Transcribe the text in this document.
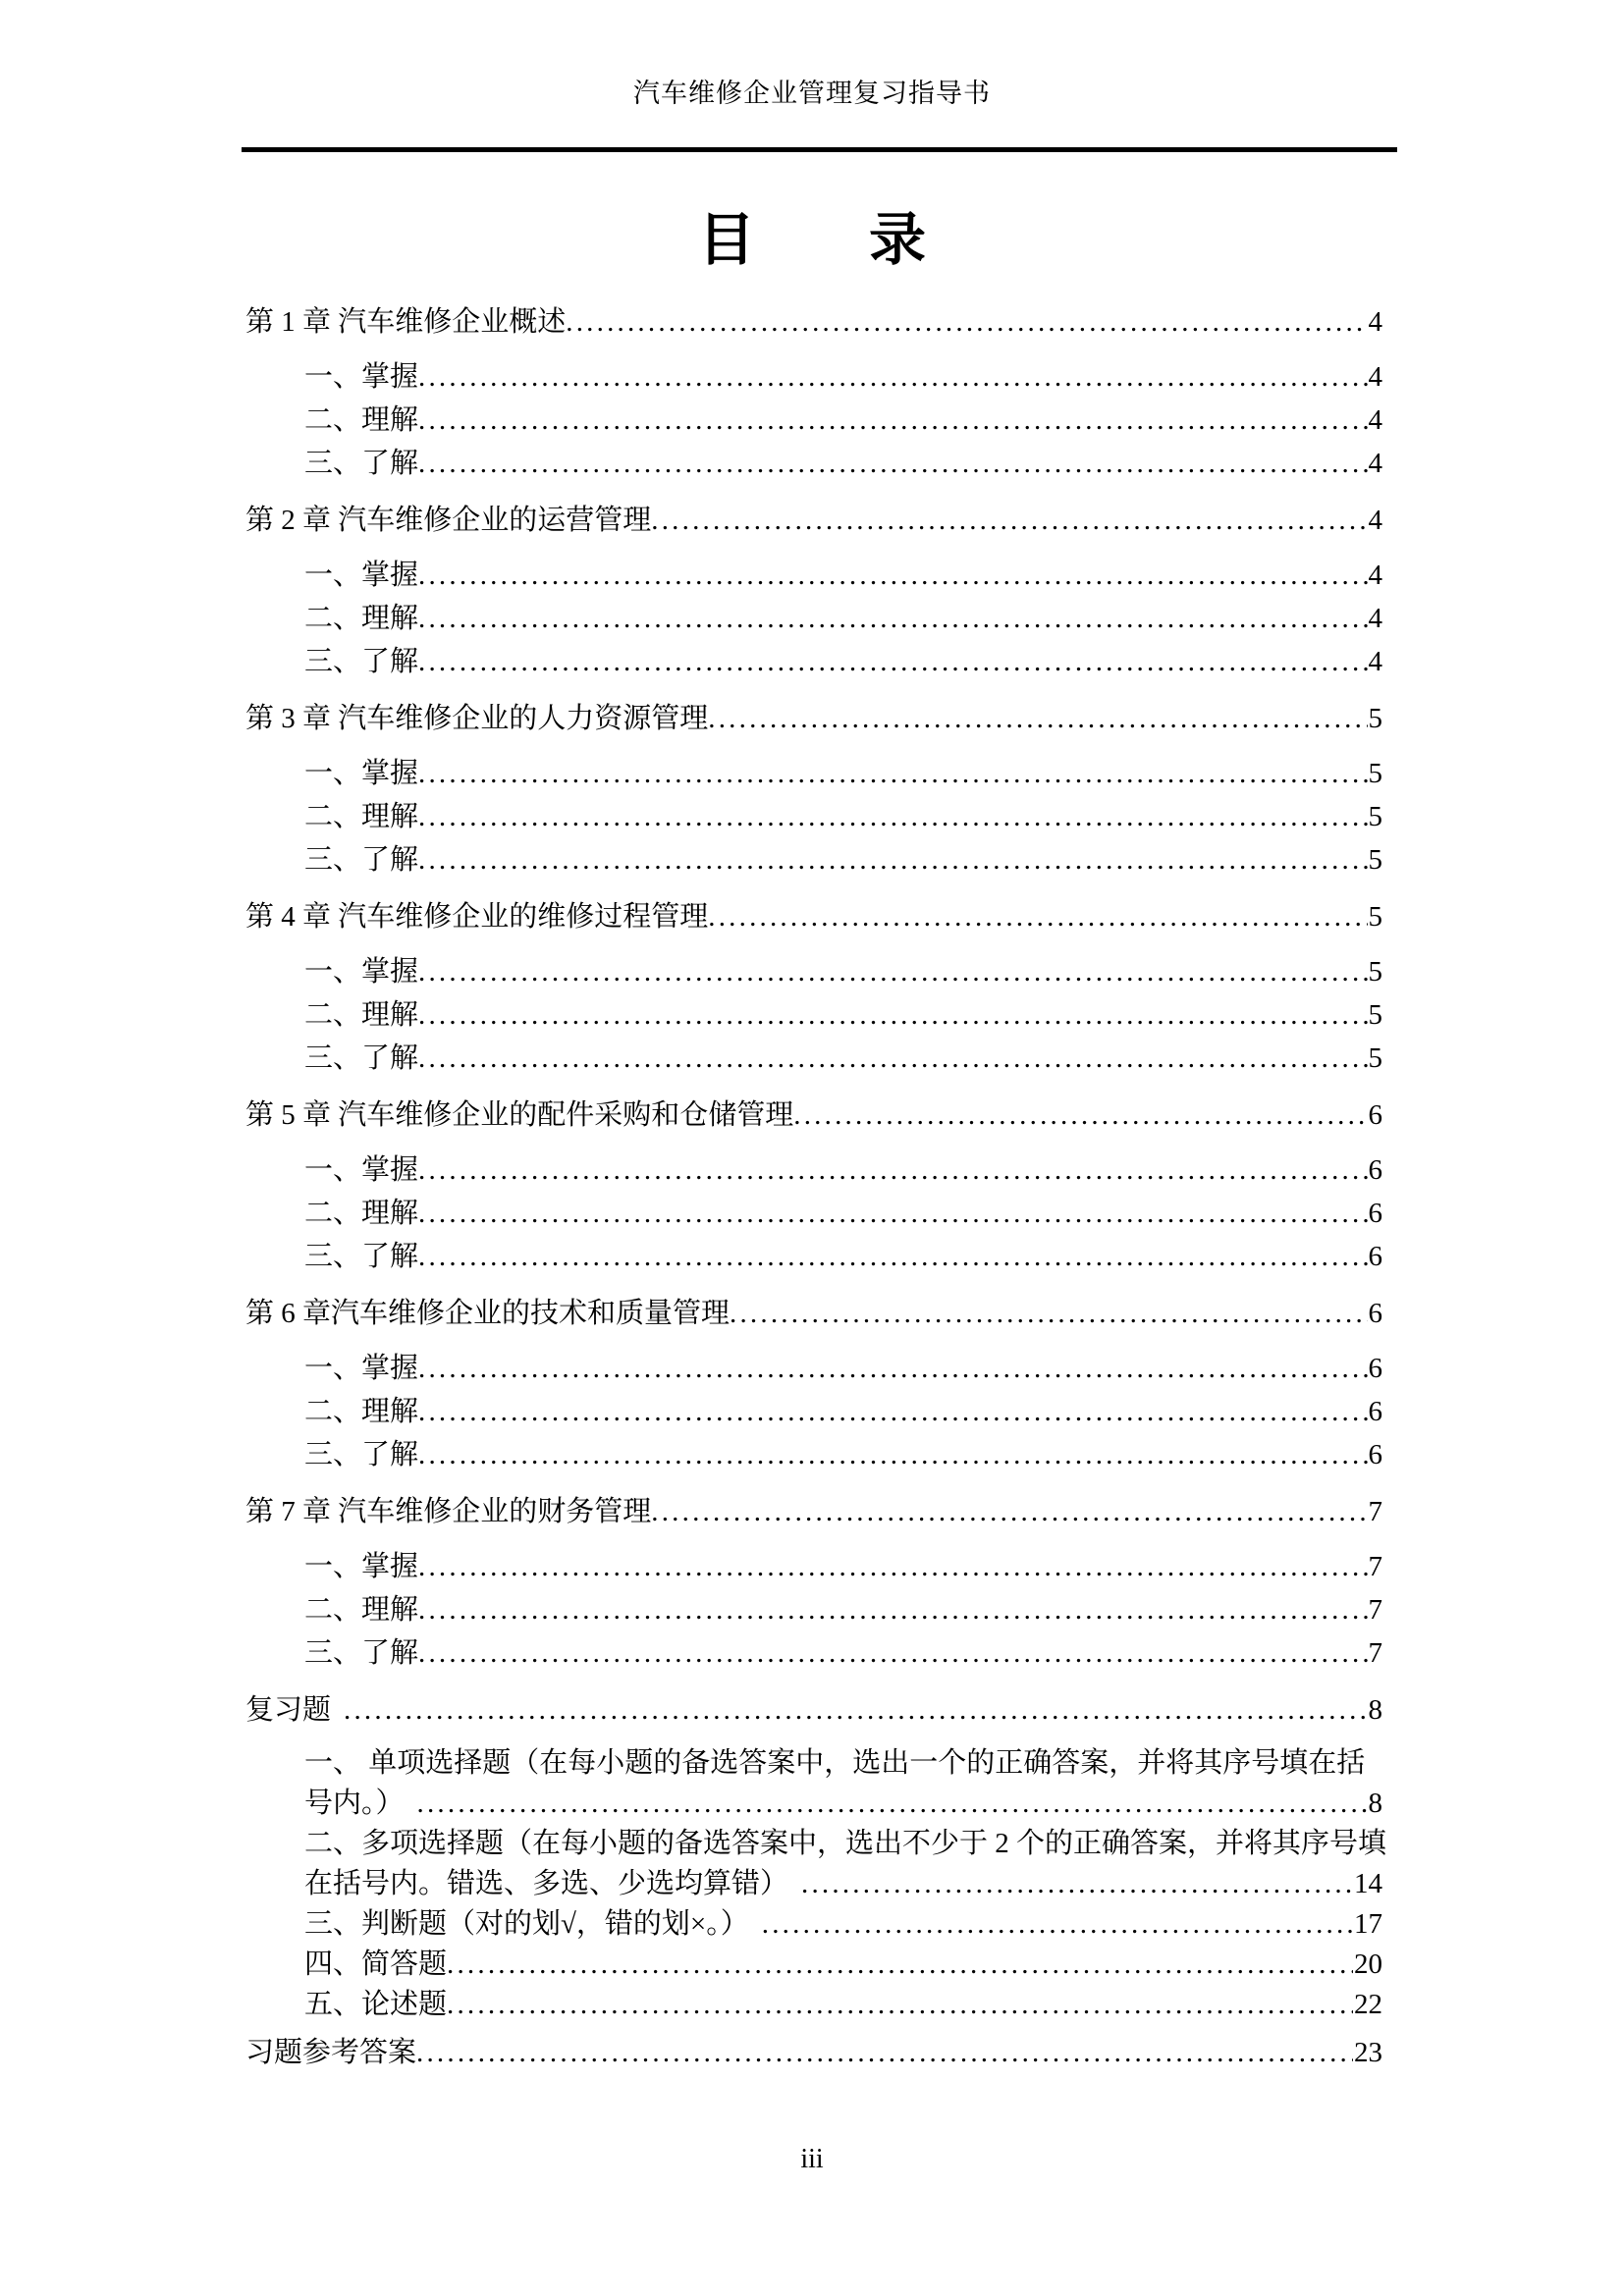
汽车维修企业管理复习指导书
目　　录
第 1 章 汽车维修企业概述 .....	4
一、掌握 .....	4
二、理解 .....	4
三、了解 .....	4
第 2 章 汽车维修企业的运营管理 .....	4
一、掌握 .....	4
二、理解 .....	4
三、了解 .....	4
第 3 章 汽车维修企业的人力资源管理 .....	5
一、掌握 .....	5
二、理解 .....	5
三、了解 .....	5
第 4 章 汽车维修企业的维修过程管理 .....	5
一、掌握 .....	5
二、理解 .....	5
三、了解 .....	5
第 5 章 汽车维修企业的配件采购和仓储管理 .....	6
一、掌握 .....	6
二、理解 .....	6
三、了解 .....	6
第 6 章汽车维修企业的技术和质量管理 .....	6
一、掌握 .....	6
二、理解 .....	6
三、了解 .....	6
第 7 章 汽车维修企业的财务管理 .....	7
一、掌握 .....	7
二、理解 .....	7
三、了解 .....	7
复习题 .....	8
一、 单项选择题（在每小题的备选答案中，选出一个的正确答案，并将其序号填在括
号内。） .....	8
二、多项选择题（在每小题的备选答案中，选出不少于 2 个的正确答案，并将其序号填
在括号内。错选、多选、少选均算错） .....	14
三、判断题（对的划√，错的划×。） .....	17
四、简答题 .....	20
五、论述题 .....	22
习题参考答案 .....	23
iii
